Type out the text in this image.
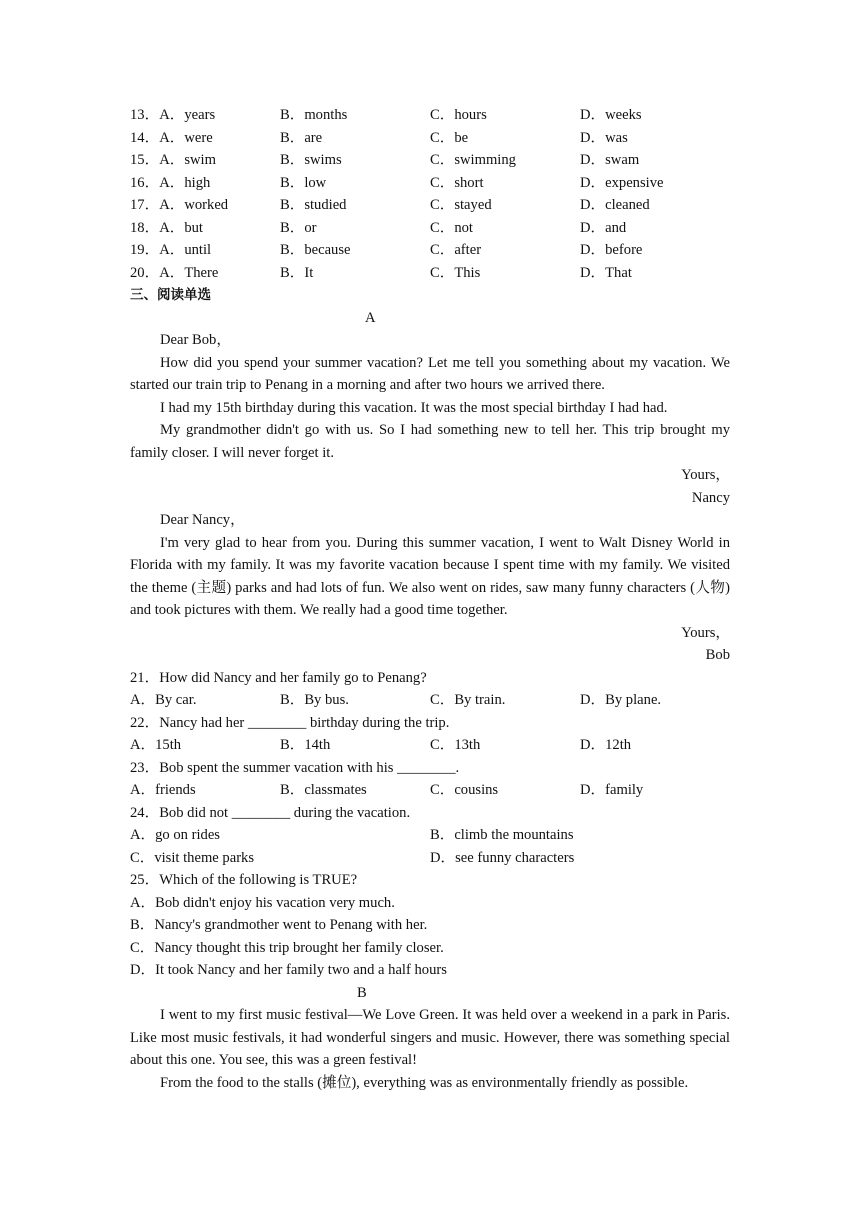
13．A．years	B．months	C．hours	D．weeks
14．A．were	B．are	C．be	D．was
15．A．swim	B．swims	C．swimming	D．swam
16．A．high	B．low	C．short	D．expensive
17．A．worked	B．studied	C．stayed	D．cleaned
18．A．but	B．or	C．not	D．and
19．A．until	B．because	C．after	D．before
20．A．There	B．It	C．This	D．That
三、阅读单选
A
Dear Bob，

How did you spend your summer vacation? Let me tell you something about my vacation. We started our train trip to Penang in a morning and after two hours we arrived there.

I had my 15th birthday during this vacation. It was the most special birthday I had had.

My grandmother didn't go with us. So I had something new to tell her. This trip brought my family closer. I will never forget it.

Yours，
Nancy
Dear Nancy，

I'm very glad to hear from you. During this summer vacation, I went to Walt Disney World in Florida with my family. It was my favorite vacation because I spent time with my family. We visited the theme (主题) parks and had lots of fun. We also went on rides, saw many funny characters (人物) and took pictures with them. We really had a good time together.

Yours，
Bob
21．How did Nancy and her family go to Penang?
A．By car.	B．By bus.	C．By train.	D．By plane.
22．Nancy had her ________ birthday during the trip.
A．15th	B．14th	C．13th	D．12th
23．Bob spent the summer vacation with his ________.
A．friends	B．classmates	C．cousins	D．family
24．Bob did not ________ during the vacation.
A．go on rides	B．climb the mountains
C．visit theme parks	D．see funny characters
25．Which of the following is TRUE?
A．Bob didn't enjoy his vacation very much.
B．Nancy's grandmother went to Penang with her.
C．Nancy thought this trip brought her family closer.
D．It took Nancy and her family two and a half hours
B

I went to my first music festival—We Love Green. It was held over a weekend in a park in Paris. Like most music festivals, it had wonderful singers and music. However, there was something special about this one. You see, this was a green festival!

From the food to the stalls (摊位), everything was as environmentally friendly as possible.
